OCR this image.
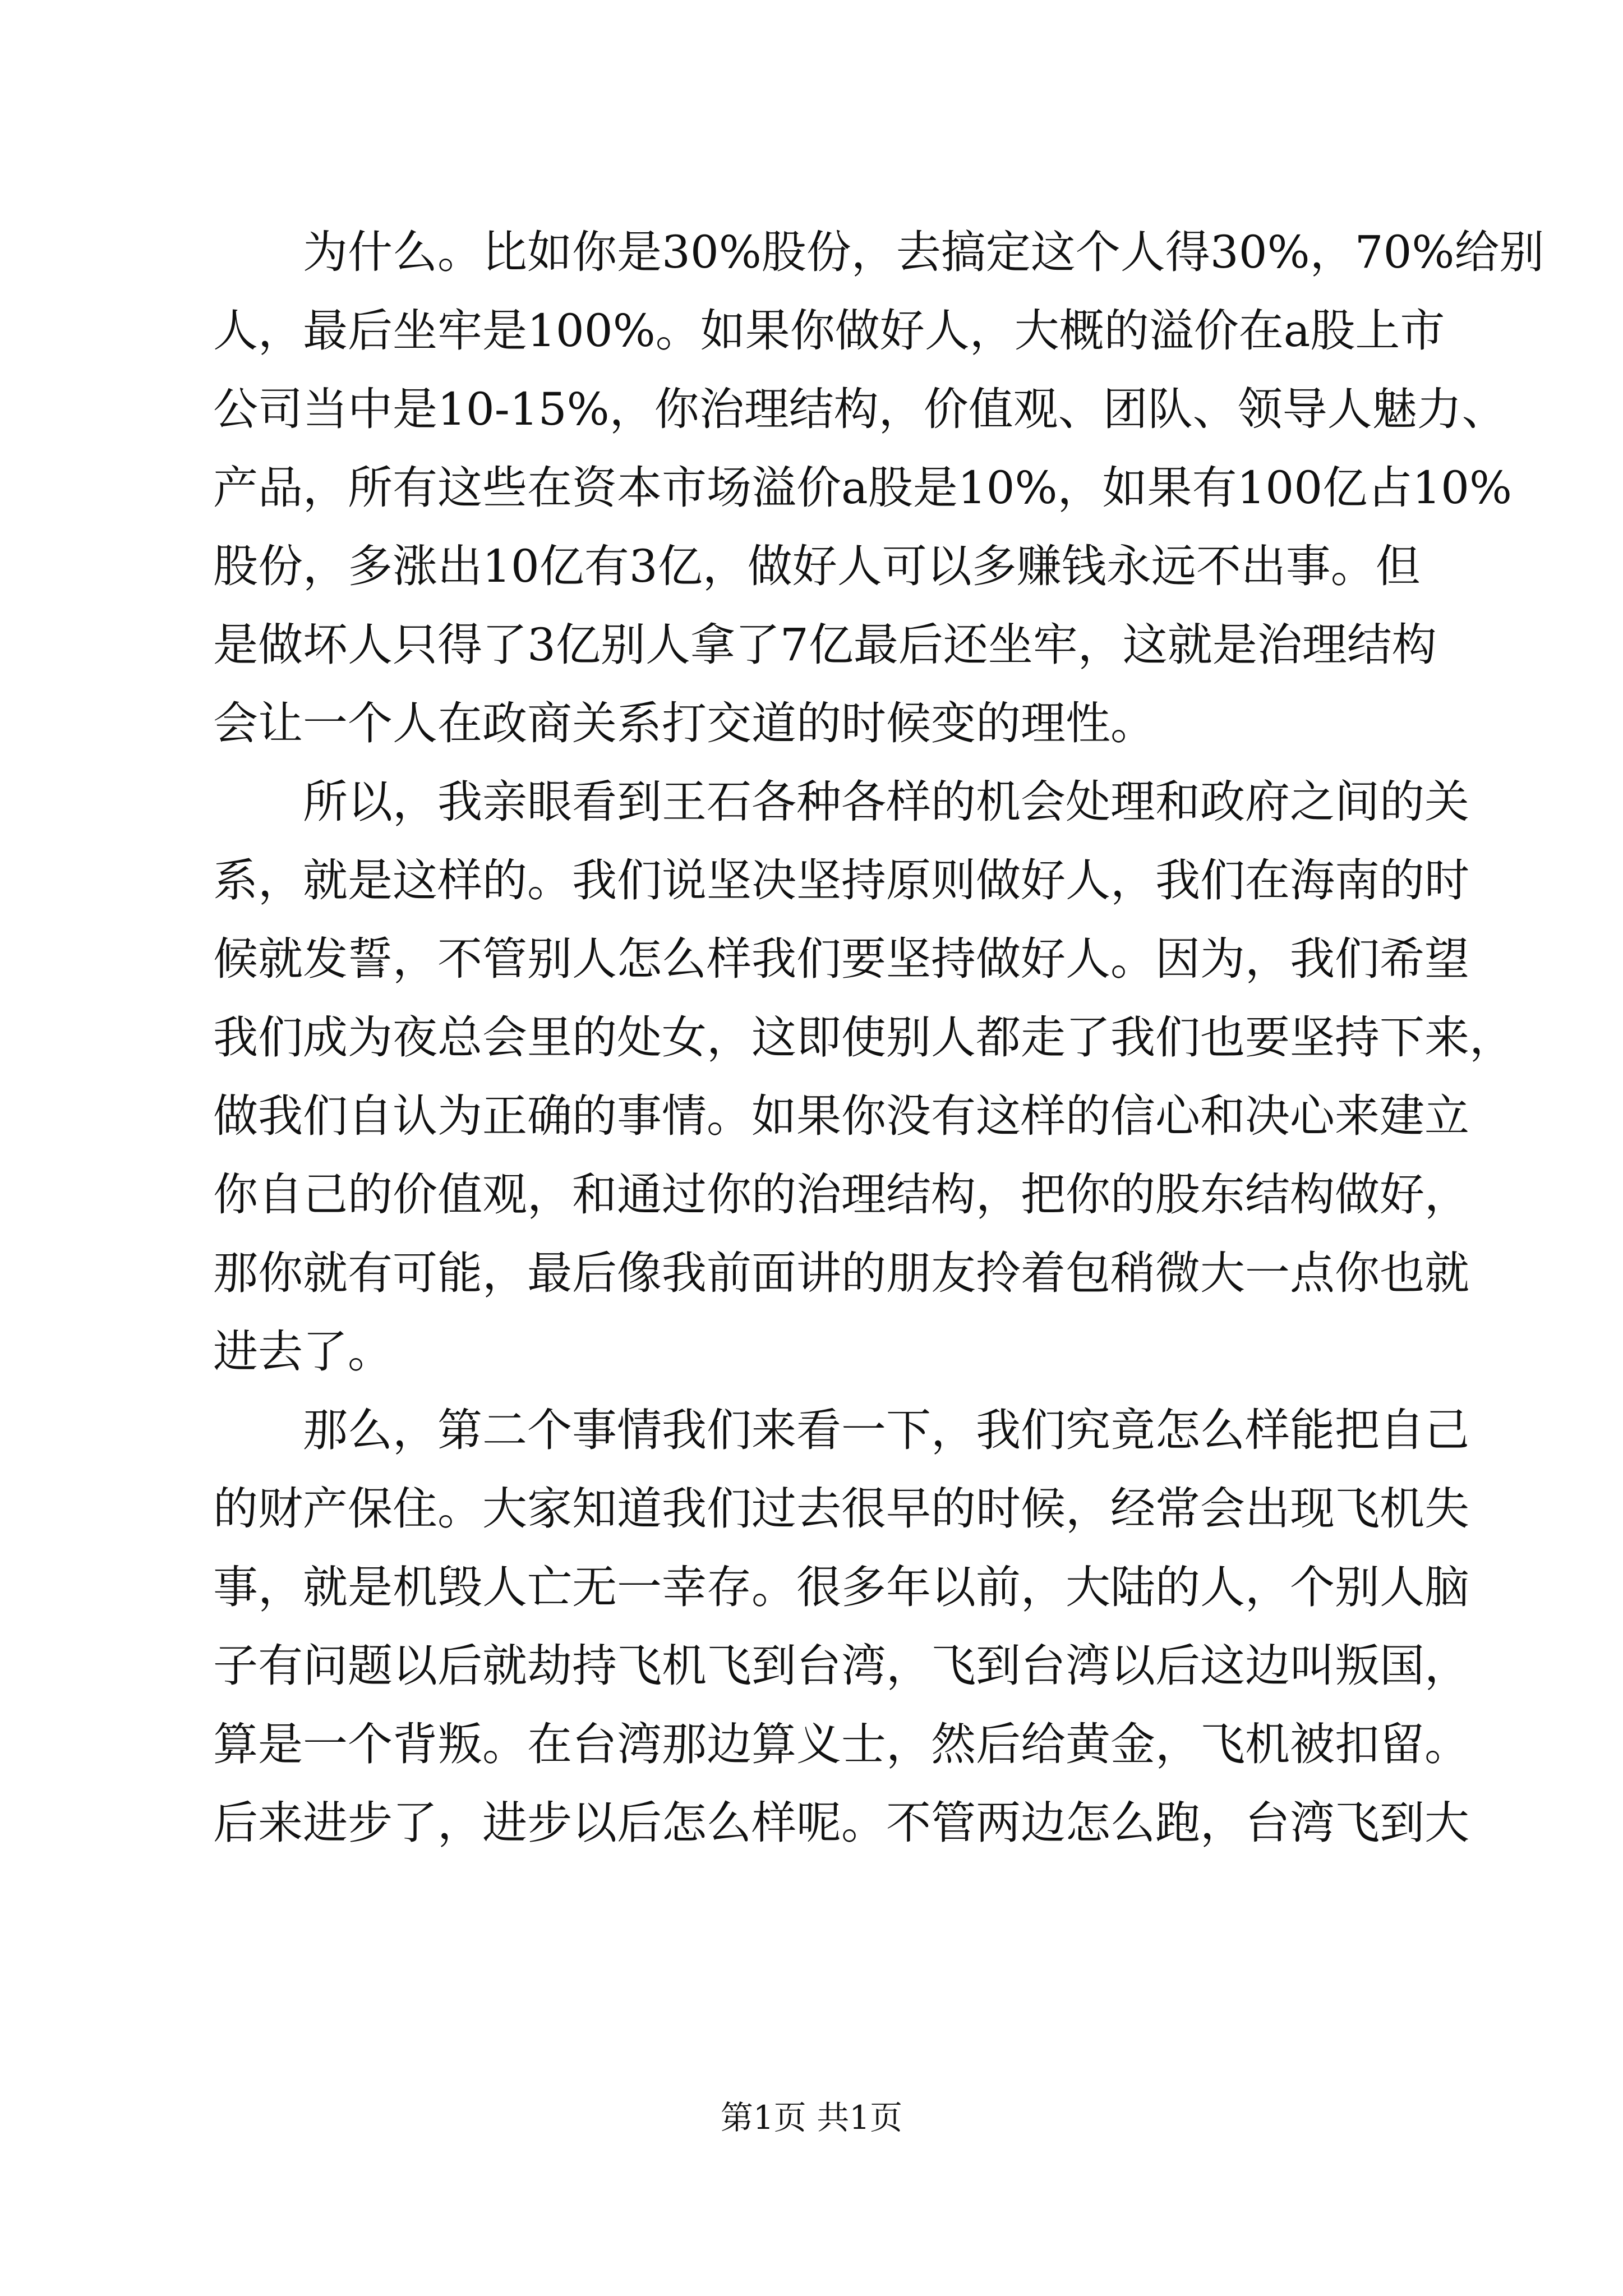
　　为什么。比如你是30%股份，去搞定这个人得30%，70%给别
人，最后坐牢是100%。如果你做好人，大概的溢价在a股上市
公司当中是10-15%，你治理结构，价值观、团队、领导人魅力、
产品，所有这些在资本市场溢价a股是10%，如果有100亿占10%
股份，多涨出10亿有3亿，做好人可以多赚钱永远不出事。但
是做坏人只得了3亿别人拿了7亿最后还坐牢，这就是治理结构
会让一个人在政商关系打交道的时候变的理性。
　　所以，我亲眼看到王石各种各样的机会处理和政府之间的关
系，就是这样的。我们说坚决坚持原则做好人，我们在海南的时
候就发誓，不管别人怎么样我们要坚持做好人。因为，我们希望
我们成为夜总会里的处女，这即使别人都走了我们也要坚持下来，
做我们自认为正确的事情。如果你没有这样的信心和决心来建立
你自己的价值观，和通过你的治理结构，把你的股东结构做好，
那你就有可能，最后像我前面讲的朋友拎着包稍微大一点你也就
进去了。
　　那么，第二个事情我们来看一下，我们究竟怎么样能把自己
的财产保住。大家知道我们过去很早的时候，经常会出现飞机失
事，就是机毁人亡无一幸存。很多年以前，大陆的人，个别人脑
子有问题以后就劫持飞机飞到台湾，飞到台湾以后这边叫叛国，
算是一个背叛。在台湾那边算义士，然后给黄金，飞机被扣留。
后来进步了，进步以后怎么样呢。不管两边怎么跑，台湾飞到大
第1页 共1页
